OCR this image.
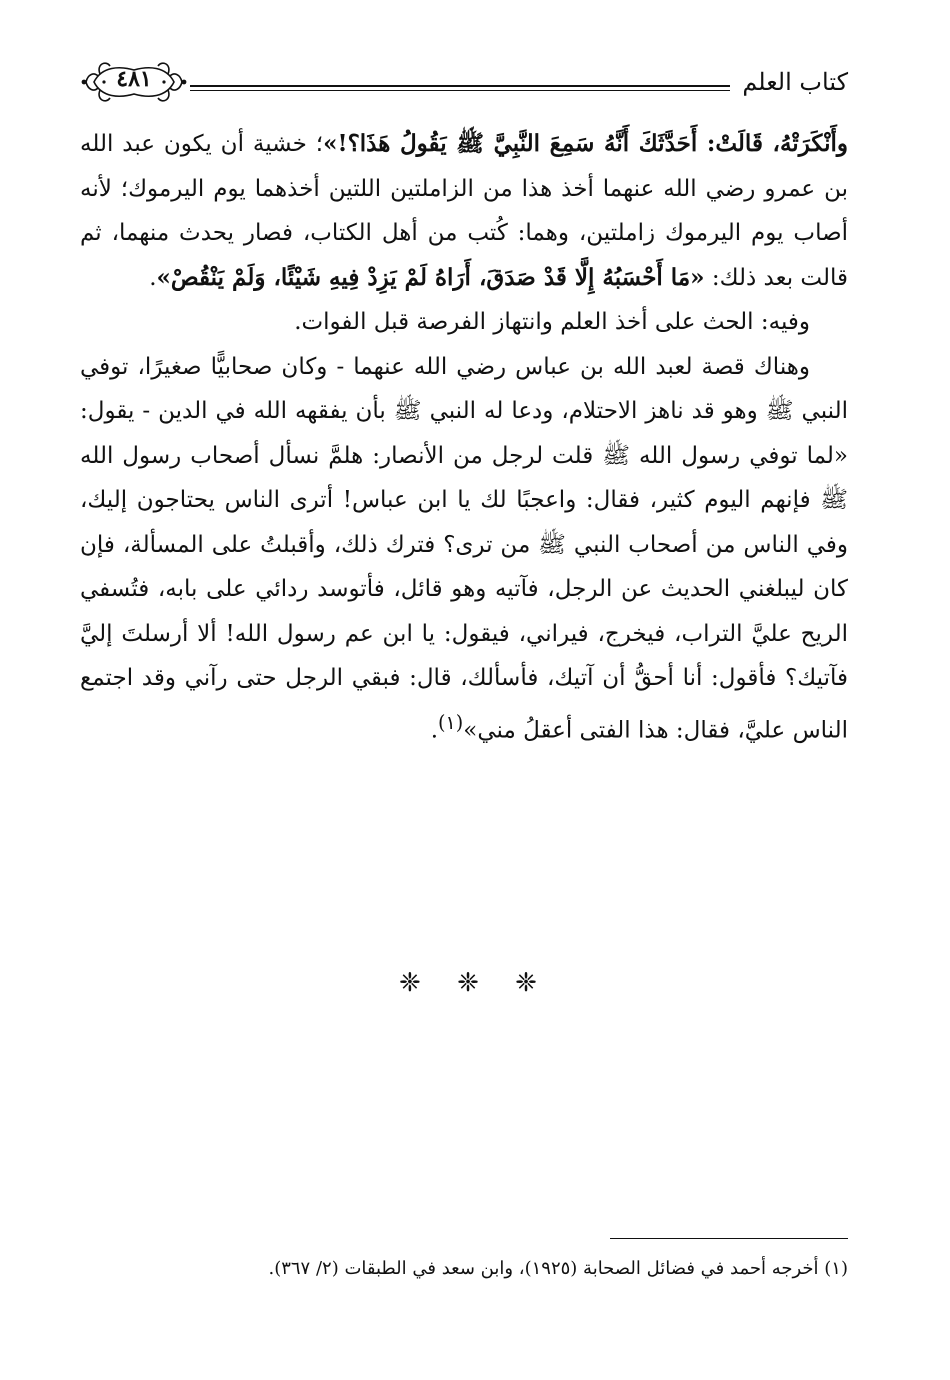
كتاب العلم
٤٨١

وأَنْكَرَتْهُ، قَالَتْ: أَحَدَّثَكَ أَنَّهُ سَمِعَ النَّبِيَّ ﷺ يَقُولُ هَذَا؟!»؛ خشية أن يكون عبد الله بن عمرو رضي الله عنهما أخذ هذا من الزاملتين اللتين أخذهما يوم اليرموك؛ لأنه أصاب يوم اليرموك زاملتين، وهما: كُتب من أهل الكتاب، فصار يحدث منهما، ثم قالت بعد ذلك: «مَا أَحْسَبُهُ إِلَّا قَدْ صَدَقَ، أَرَاهُ لَمْ يَزِدْ فِيهِ شَيْئًا، وَلَمْ يَنْقُصْ».

وفيه: الحث على أخذ العلم وانتهاز الفرصة قبل الفوات.

وهناك قصة لعبد الله بن عباس رضي الله عنهما - وكان صحابيًّا صغيرًا، توفي النبي ﷺ وهو قد ناهز الاحتلام، ودعا له النبي ﷺ بأن يفقهه الله في الدين - يقول: «لما توفي رسول الله ﷺ قلت لرجل من الأنصار: هلمَّ نسأل أصحاب رسول الله ﷺ فإنهم اليوم كثير، فقال: واعجبًا لك يا ابن عباس! أترى الناس يحتاجون إليك، وفي الناس من أصحاب النبي ﷺ من ترى؟ فترك ذلك، وأقبلتُ على المسألة، فإن كان ليبلغني الحديث عن الرجل، فآتيه وهو قائل، فأتوسد ردائي على بابه، فتُسفي الريح عليَّ التراب، فيخرج، فيراني، فيقول: يا ابن عم رسول الله! ألا أرسلتَ إليَّ فآتيك؟ فأقول: أنا أحقُّ أن آتيك، فأسألك، قال: فبقي الرجل حتى رآني وقد اجتمع الناس عليَّ، فقال: هذا الفتى أعقلُ مني»$^{(١)}$.

❈ ❈ ❈
(١) أخرجه أحمد في فضائل الصحابة (١٩٢٥)، وابن سعد في الطبقات (٢/ ٣٦٧).
